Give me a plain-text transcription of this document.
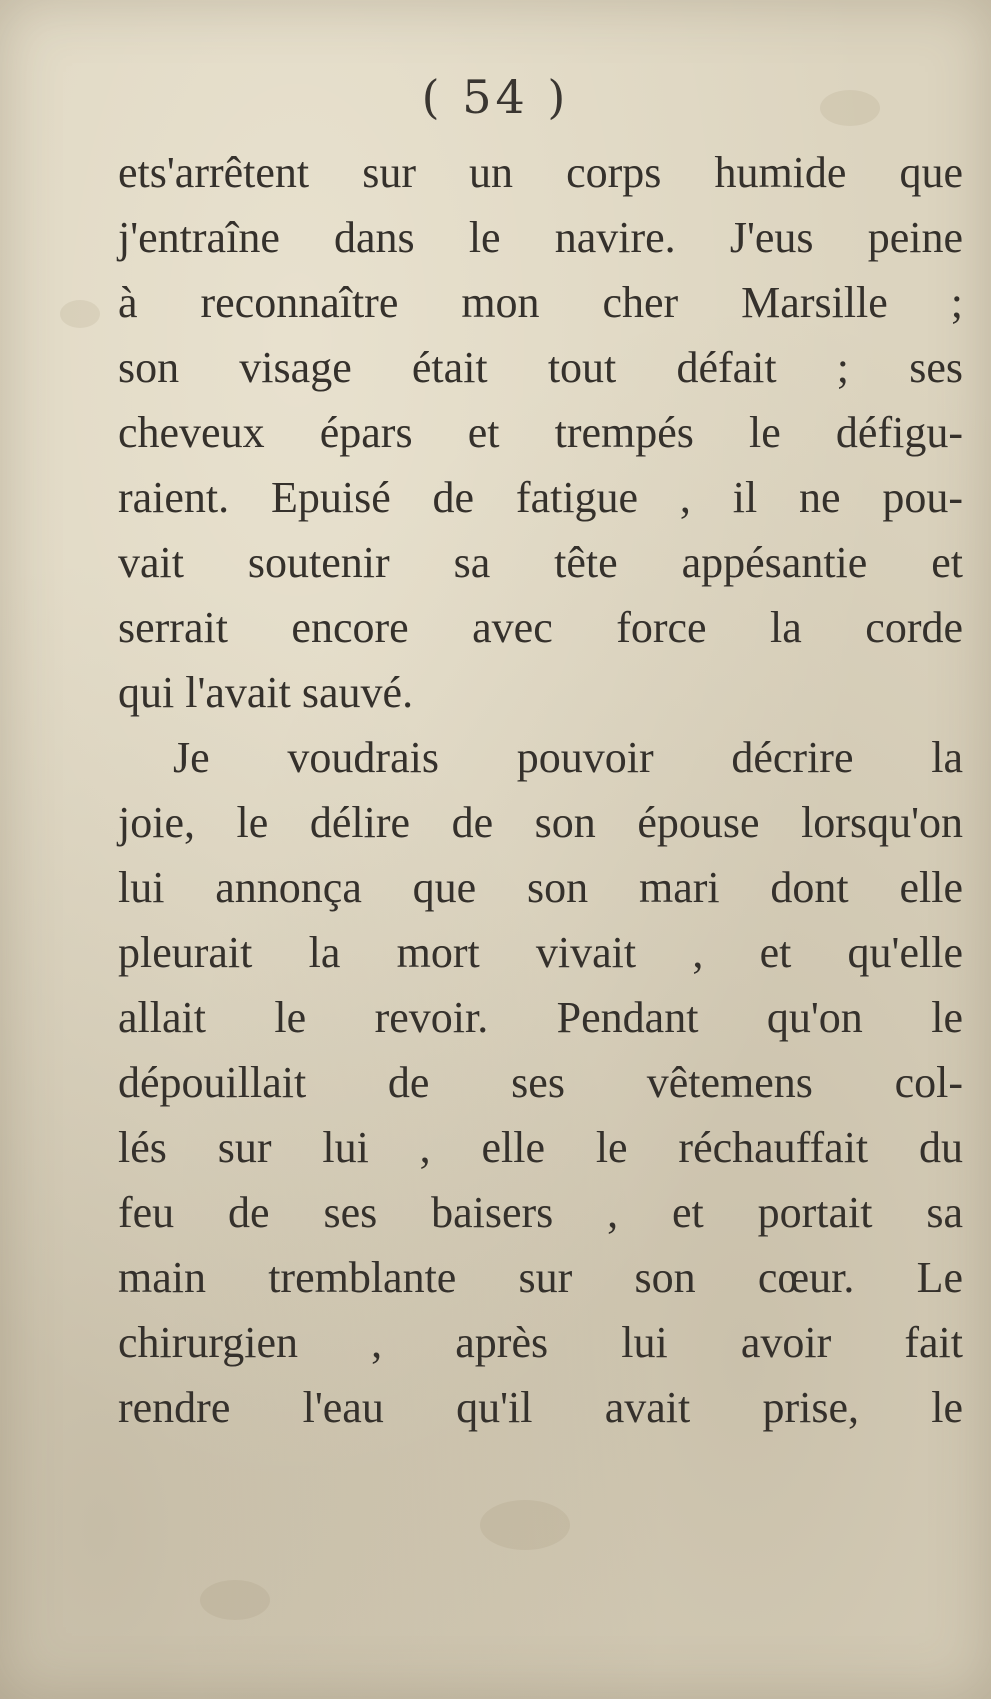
( 54 )
ets'arrêtent sur un corps humide que
j'entraîne dans le navire. J'eus peine
à reconnaître mon cher Marsille ;
son visage était tout défait ; ses
cheveux épars et trempés le défigu-
raient. Epuisé de fatigue , il ne pou-
vait soutenir sa tête appésantie et
serrait encore avec force la corde
qui l'avait sauvé.
Je voudrais pouvoir décrire la
joie, le délire de son épouse lorsqu'on
lui annonça que son mari dont elle
pleurait la mort vivait , et qu'elle
allait le revoir. Pendant qu'on le
dépouillait de ses vêtemens col-
lés sur lui , elle le réchauffait du
feu de ses baisers , et portait sa
main tremblante sur son cœur. Le
chirurgien , après lui avoir fait
rendre l'eau qu'il avait prise, le
